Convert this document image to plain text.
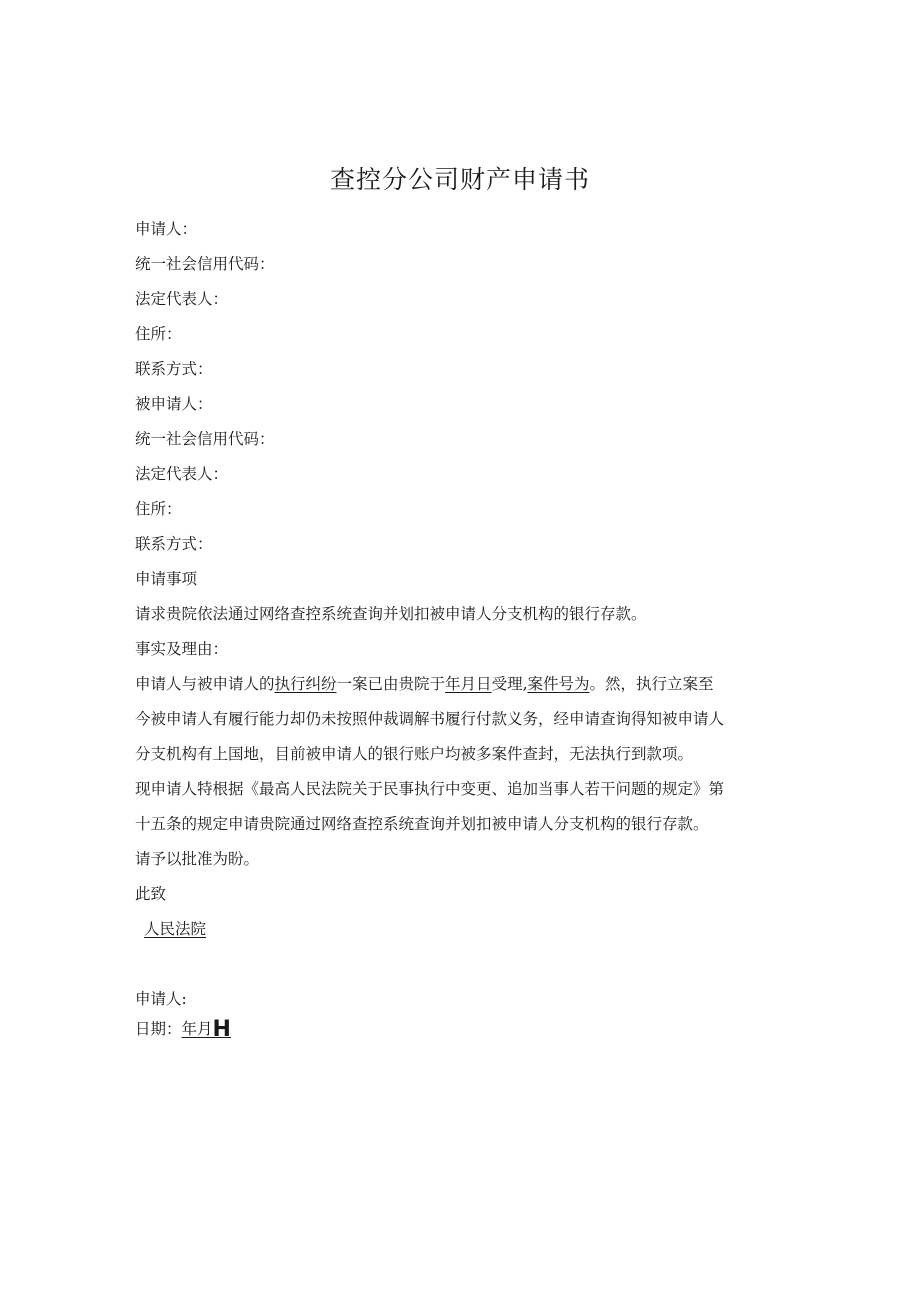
查控分公司财产申请书
申请人：
统一社会信用代码：
法定代表人：
住所：
联系方式：
被申请人：
统一社会信用代码：
法定代表人：
住所：
联系方式：
申请事项
请求贵院依法通过网络查控系统查询并划扣被申请人分支机构的银行存款。
事实及理由：
申请人与被申请人的执行纠纷一案已由贵院于年月日受理,案件号为。然，执行立案至
今被申请人有履行能力却仍未按照仲裁调解书履行付款义务，经申请查询得知被申请人
分支机构有上国地，目前被申请人的银行账户均被多案件查封，无法执行到款项。
现申请人特根据《最高人民法院关于民事执行中变更、追加当事人若干问题的规定》第
十五条的规定申请贵院通过网络查控系统查询并划扣被申请人分支机构的银行存款。
请予以批准为盼。
此致
人民法院
申请人:
日期：年月H
